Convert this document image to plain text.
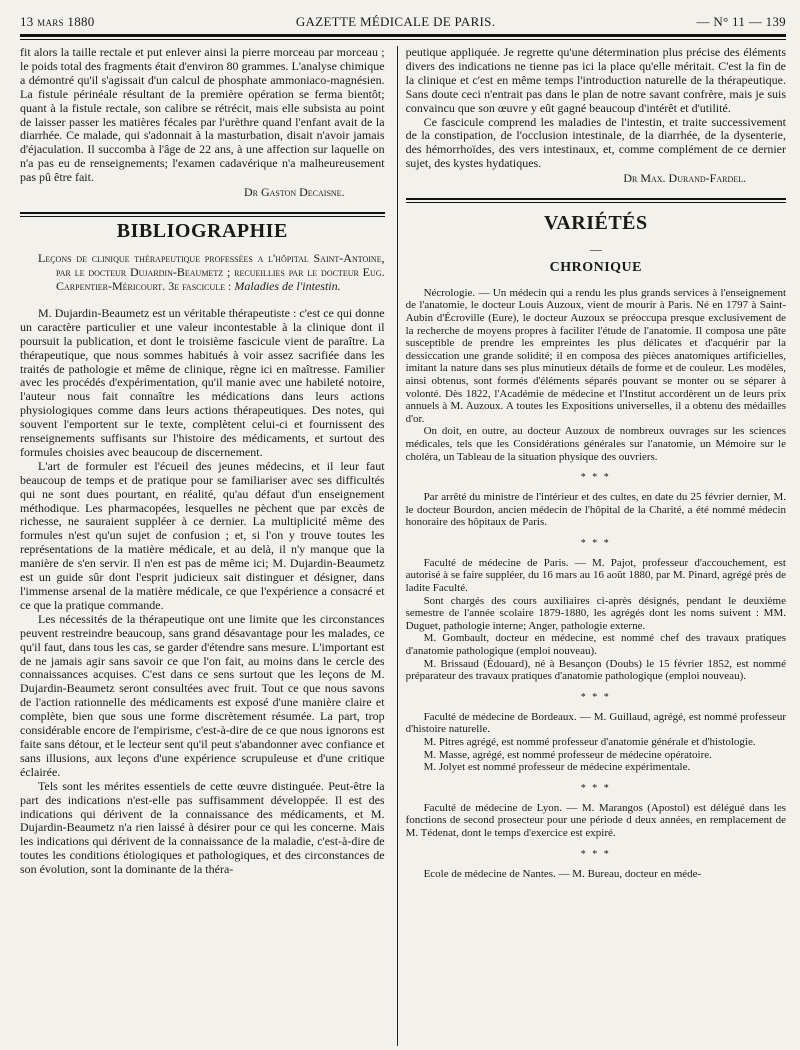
13 mars 1880	GAZETTE MÉDICALE DE PARIS.	— N° 11 — 139

fit alors la taille rectale et put enlever ainsi la pierre morceau par morceau ; le poids total des fragments était d'environ 80 grammes. L'analyse chimique a démontré qu'il s'agissait d'un calcul de phosphate ammoniaco-magnésien. La fistule périnéale résultant de la première opération se ferma bientôt; quant à la fistule rectale, son calibre se rétrécit, mais elle subsista au point de laisser passer les matières fécales par l'urèthre quand l'enfant avait de la diarrhée. Ce malade, qui s'adonnait à la masturbation, disait n'avoir jamais d'éjaculation. Il succomba à l'âge de 22 ans, à une affection sur laquelle on n'a pas eu de renseignements; l'examen cadavérique n'a malheureusement pas pû être fait.

Dr Gaston Decaisne.
BIBLIOGRAPHIE

Leçons de clinique thérapeutique professées a l'hôpital Saint-Antoine, par le docteur Dujardin-Beaumetz ; recueillies par le docteur Eug. Carpentier-Méricourt. 3e fascicule : Maladies de l'intestin.

M. Dujardin-Beaumetz est un véritable thérapeutiste : c'est ce qui donne un caractère particulier et une valeur incontestable à la clinique dont il poursuit la publication, et dont le troisième fascicule vient de paraître. La thérapeutique, que nous sommes habitués à voir assez sacrifiée dans les traités de pathologie et même de clinique, règne ici en maîtresse. Familier avec les procédés d'expérimentation, qu'il manie avec une habileté notoire, l'auteur nous fait connaître les médications dans leurs actions physiologiques comme dans leurs actions thérapeutiques. Des notes, qui souvent l'emportent sur le texte, complètent celui-ci et fournissent des renseignements suffisants sur l'histoire des médicaments, et surtout des formules choisies avec beaucoup de discernement.

L'art de formuler est l'écueil des jeunes médecins, et il leur faut beaucoup de temps et de pratique pour se familiariser avec ses difficultés qui ne sont dues pourtant, en réalité, qu'au défaut d'un enseignement méthodique. Les pharmacopées, lesquelles ne pèchent que par excès de richesse, ne sauraient suppléer à ce dernier. La multiplicité même des formules n'est qu'un sujet de confusion ; et, si l'on y trouve toutes les représentations de la matière médicale, et au delà, il n'y manque que la manière de s'en servir. Il n'en est pas de même ici; M. Dujardin-Beaumetz est un guide sûr dont l'esprit judicieux sait distinguer et désigner, dans l'immense arsenal de la matière médicale, ce que l'expérience a consacré et ce que la pratique commande.

Les nécessités de la thérapeutique ont une limite que les circonstances peuvent restreindre beaucoup, sans grand désavantage pour les malades, ce qu'il faut, dans tous les cas, se garder d'étendre sans mesure. L'important est de ne jamais agir sans savoir ce que l'on fait, au moins dans le cercle des connaissances acquises. C'est dans ce sens surtout que les leçons de M. Dujardin-Beaumetz seront consultées avec fruit. Tout ce que nous savons de l'action rationnelle des médicaments est exposé d'une manière claire et complète, bien que sous une forme discrètement résumée. La part, trop considérable encore de l'empirisme, c'est-à-dire de ce que nous ignorons est faite sans détour, et le lecteur sent qu'il peut s'abandonner avec confiance et sans illusions, aux leçons d'une expérience scrupuleuse et d'une critique éclairée.

Tels sont les mérites essentiels de cette œuvre distinguée. Peut-être la part des indications n'est-elle pas suffisamment développée. Il est des indications qui dérivent de la connaissance des médicaments, et M. Dujardin-Beaumetz n'a rien laissé à désirer pour ce qui les concerne. Mais les indications qui dérivent de la connaissance de la maladie, c'est-à-dire de toutes les conditions étiologiques et pathologiques, et des circonstances de son évolution, sont la dominante de la théra-

peutique appliquée. Je regrette qu'une détermination plus précise des éléments divers des indications ne tienne pas ici la place qu'elle méritait. C'est la fin de la clinique et c'est en même temps l'introduction naturelle de la thérapeutique. Sans doute ceci n'entrait pas dans le plan de notre savant confrère, mais je suis convaincu que son œuvre y eût gagné beaucoup d'intérêt et d'utilité.

Ce fascicule comprend les maladies de l'intestin, et traite successivement de la constipation, de l'occlusion intestinale, de la diarrhée, de la dysenterie, des hémorrhoïdes, des vers intestinaux, et, comme complément de ce dernier sujet, des kystes hydatiques.

Dr Max. Durand-Fardel.
VARIÉTÉS
—
CHRONIQUE

Nécrologie. — Un médecin qui a rendu les plus grands services à l'enseignement de l'anatomie, le docteur Louis Auzoux, vient de mourir à Paris. Né en 1797 à Saint-Aubin d'Écroville (Eure), le docteur Auzoux se préoccupa presque exclusivement de la recherche de moyens propres à faciliter l'étude de l'anatomie. Il composa une pâte susceptible de prendre les empreintes les plus délicates et d'acquérir par la dessiccation une grande solidité; il en composa des pièces anatomiques artificielles, imitant la nature dans ses plus minutieux détails de forme et de couleur. Les modèles, ainsi obtenus, sont formés d'éléments séparés pouvant se monter ou se séparer à volonté. Dès 1822, l'Académie de médecine et l'Institut accordèrent un de leurs prix annuels à M. Auzoux. A toutes les Expositions universelles, il a obtenu des médailles d'or.

On doit, en outre, au docteur Auzoux de nombreux ouvrages sur les sciences médicales, tels que les Considérations générales sur l'anatomie, un Mémoire sur le choléra, un Tableau de la situation physique des ouvriers.

* * *

Par arrêté du ministre de l'intérieur et des cultes, en date du 25 février dernier, M. le docteur Bourdon, ancien médecin de l'hôpital de la Charité, a été nommé médecin honoraire des hôpitaux de Paris.

* * *

Faculté de médecine de Paris. — M. Pajot, professeur d'accouchement, est autorisé à se faire suppléer, du 16 mars au 16 août 1880, par M. Pinard, agrégé près de ladite Faculté.

Sont chargés des cours auxiliaires ci-après désignés, pendant le deuxième semestre de l'année scolaire 1879-1880, les agrégés dont les noms suivent : MM. Duguet, pathologie interne; Anger, pathologie externe.

M. Gombault, docteur en médecine, est nommé chef des travaux pratiques d'anatomie pathologique (emploi nouveau).

M. Brissaud (Édouard), né à Besançon (Doubs) le 15 février 1852, est nommé préparateur des travaux pratiques d'anatomie pathologique (emploi nouveau).

* * *

Faculté de médecine de Bordeaux. — M. Guillaud, agrégé, est nommé professeur d'histoire naturelle.

M. Pitres agrégé, est nommé professeur d'anatomie générale et d'histologie.

M. Masse, agrégé, est nommé professeur de médecine opératoire.

M. Jolyet est nommé professeur de médecine expérimentale.

* * *

Faculté de médecine de Lyon. — M. Marangos (Apostol) est délégué dans les fonctions de second prosecteur pour une période d deux années, en remplacement de M. Tédenat, dont le temps d'exercice est expiré.

* * *

Ecole de médecine de Nantes. — M. Bureau, docteur en méde-
